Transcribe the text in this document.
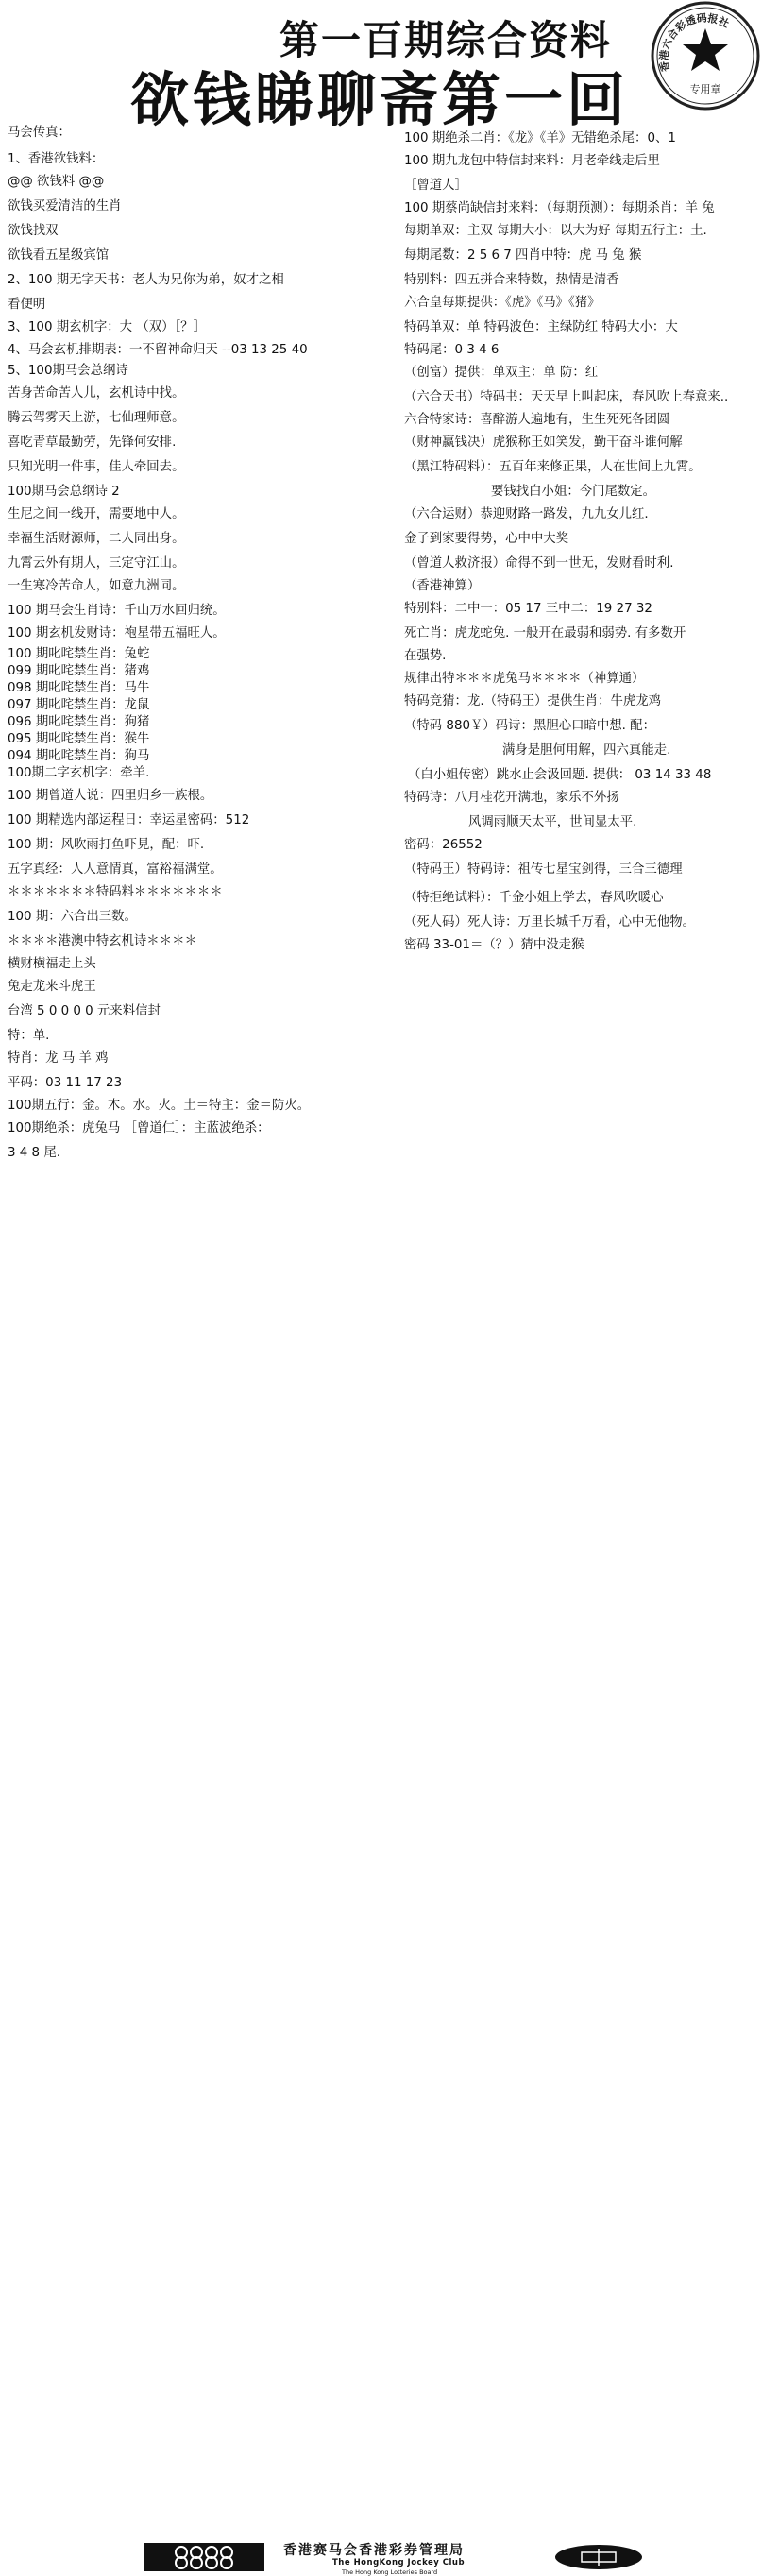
第一百期综合资料
欲钱睇聊斋第一回	香港六合彩透码报社
专用章
马会传真：
1、香港欲钱料：
@@ 欲钱料 @@
欲钱买爱清洁的生肖
欲钱找双
欲钱看五星级宾馆
2、100 期无字天书：老人为兄你为弟，奴才之相
看便明
3、100 期玄机字：大 （双）［？］
4、马会玄机排期表：一不留神命归天 --03 13 25 40
5、100期马会总纲诗
苦身苦命苦人儿，玄机诗中找。
腾云驾雾天上游，七仙理师意。
喜吃青草最勤劳，先锋何安排.
只知光明一件事，佳人牵回去。
100期马会总纲诗 2
生尼之间一线开，需要地中人。
幸福生活财源师，二人同出身。
九霄云外有期人，三定守江山。
一生寒冷苦命人，如意九洲同。
100 期马会生肖诗：千山万水回归统。
100 期玄机发财诗：袍星带五福旺人。
100 期叱咤禁生肖：兔蛇
099 期叱咤禁生肖：猪鸡
098 期叱咤禁生肖：马牛
097 期叱咤禁生肖：龙鼠
096 期叱咤禁生肖：狗猪
095 期叱咤禁生肖：猴牛
094 期叱咤禁生肖：狗马
100期二字玄机字：牵羊.
100 期曾道人说：四里归乡一族根。
100 期精选内部运程日：幸运星密码：512
100 期：风吹雨打鱼吓見，配：吓.
五字真经：人人意情真，富裕福满堂。
＊＊＊＊＊＊＊特码料＊＊＊＊＊＊＊
100 期：六合出三数。
＊＊＊＊港澳中特玄机诗＊＊＊＊
横财横福走上头
兔走龙来斗虎王
台湾 5 0 0 0 0 元来料信封
特：单.
特肖：龙 马 羊 鸡
平码：03 11 17 23
100期五行：金。木。水。火。土＝特主：金＝防火。
100期绝杀：虎兔马 ［曾道仁］：主蓝波绝杀：
3 4 8 尾.
100 期绝杀二肖：《龙》《羊》无错绝杀尾：0、1
100 期九龙包中特信封来料：月老牵线走后里
［曾道人］
100 期蔡尚缺信封来料：（每期预测）：每期杀肖：羊 兔
每期单双：主双 每期大小：以大为好 每期五行主：土.
每期尾数：2 5 6 7 四肖中特：虎 马 兔 猴
特别料：四五拼合来特数，热情是清香
六合皇每期提供：《虎》《马》《猪》
特码单双：单 特码波色：主绿防红 特码大小：大
特码尾：0 3 4 6
（创富）提供：单双主：单 防：红
（六合天书）特码书：天天早上叫起床，春风吹上春意来..
六合特家诗：喜醉游人遍地有，生生死死各团圆
（财神赢钱决）虎猴称王如笑发，勤干奋斗谁何解
（黑江特码料）：五百年来修正果，人在世间上九霄。
要钱找白小姐：今门尾数定。
（六合运财）恭迎财路一路发，九九女儿红.
金子到家要得势，心中中大奖
（曾道人救济报）命得不到一世无，发财看时利.
（香港神算）
特别料：二中一：05 17 三中二：19 27 32
死亡肖：虎龙蛇兔. 一般开在最弱和弱势. 有多数开
在强势.
规律出特＊＊＊虎兔马＊＊＊＊（神算通）
特码竞猜：龙.（特码王）提供生肖：牛虎龙鸡
（特码 880￥）码诗：黑胆心口暗中想. 配：
满身是胆何用解，四六真能走.
（白小姐传密）跳水止会汲回题. 提供： 03 14 33 48
特码诗：八月桂花开满地，家乐不外扬
风调雨顺天太平，世间显太平.
密码：26552
（特码王）特码诗：祖传七星宝剑得，三合三德理
（特拒绝试料）：千金小姐上学去，春风吹暖心
（死人码）死人诗：万里长城千万看，心中无他物。
密码 33-01＝（？）猜中没走猴
香港赛马会香港彩券管理局
The HongKong Jockey Club
The Hong Kong Lotteries Board
